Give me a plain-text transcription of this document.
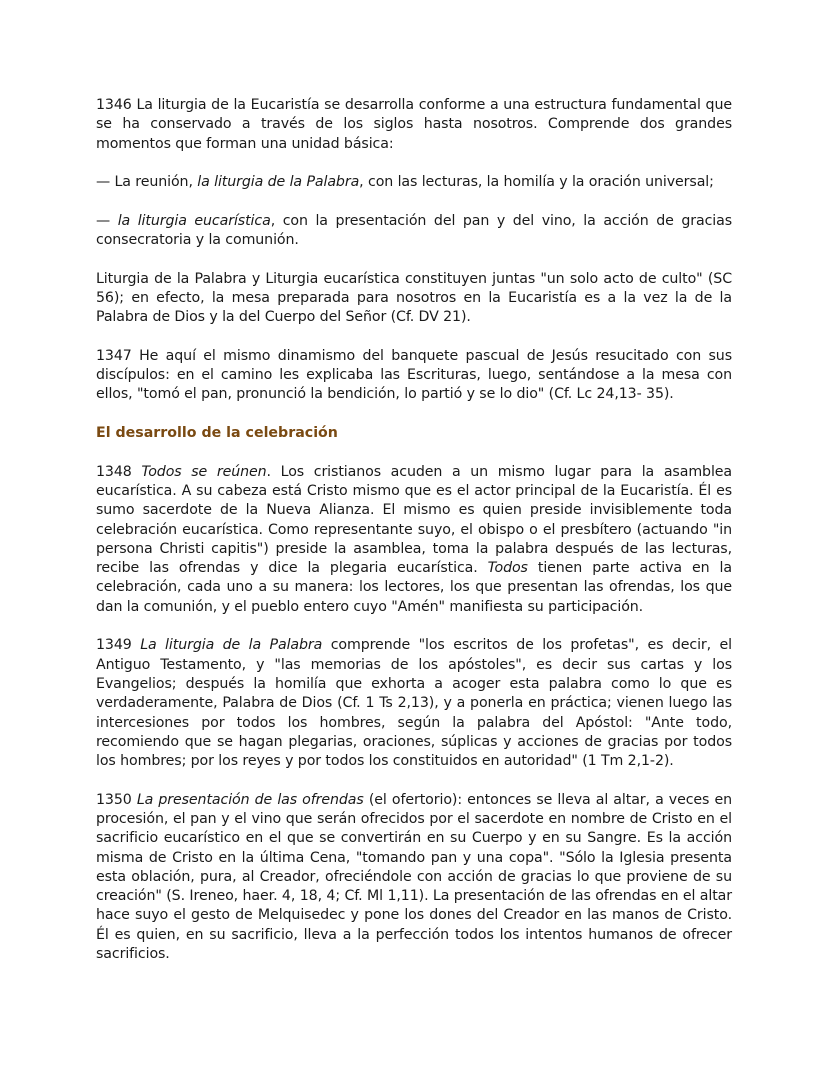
1346 La liturgia de la Eucaristía se desarrolla conforme a una estructura fundamental que se ha conservado a través de los siglos hasta nosotros. Comprende dos grandes momentos que forman una unidad básica:

— La reunión, la liturgia de la Palabra, con las lecturas, la homilía y la oración universal;

— la liturgia eucarística, con la presentación del pan y del vino, la acción de gracias consecratoria y la comunión.

Liturgia de la Palabra y Liturgia eucarística constituyen juntas "un solo acto de culto" (SC 56); en efecto, la mesa preparada para nosotros en la Eucaristía es a la vez la de la Palabra de Dios y la del Cuerpo del Señor (Cf. DV 21).

1347 He aquí el mismo dinamismo del banquete pascual de Jesús resucitado con sus discípulos: en el camino les explicaba las Escrituras, luego, sentándose a la mesa con ellos, "tomó el pan, pronunció la bendición, lo partió y se lo dio" (Cf. Lc 24,13- 35).

El desarrollo de la celebración

1348 Todos se reúnen. Los cristianos acuden a un mismo lugar para la asamblea eucarística. A su cabeza está Cristo mismo que es el actor principal de la Eucaristía. Él es sumo sacerdote de la Nueva Alianza. El mismo es quien preside invisiblemente toda celebración eucarística. Como representante suyo, el obispo o el presbítero (actuando "in persona Christi capitis") preside la asamblea, toma la palabra después de las lecturas, recibe las ofrendas y dice la plegaria eucarística. Todos tienen parte activa en la celebración, cada uno a su manera: los lectores, los que presentan las ofrendas, los que dan la comunión, y el pueblo entero cuyo "Amén" manifiesta su participación.

1349 La liturgia de la Palabra comprende "los escritos de los profetas", es decir, el Antiguo Testamento, y "las memorias de los apóstoles", es decir sus cartas y los Evangelios; después la homilía que exhorta a acoger esta palabra como lo que es verdaderamente, Palabra de Dios (Cf. 1 Ts 2,13), y a ponerla en práctica; vienen luego las intercesiones por todos los hombres, según la palabra del Apóstol: "Ante todo, recomiendo que se hagan plegarias, oraciones, súplicas y acciones de gracias por todos los hombres; por los reyes y por todos los constituidos en autoridad" (1 Tm 2,1-2).

1350 La presentación de las ofrendas (el ofertorio): entonces se lleva al altar, a veces en procesión, el pan y el vino que serán ofrecidos por el sacerdote en nombre de Cristo en el sacrificio eucarístico en el que se convertirán en su Cuerpo y en su Sangre. Es la acción misma de Cristo en la última Cena, "tomando pan y una copa". "Sólo la Iglesia presenta esta oblación, pura, al Creador, ofreciéndole con acción de gracias lo que proviene de su creación" (S. Ireneo, haer. 4, 18, 4; Cf. Ml 1,11). La presentación de las ofrendas en el altar hace suyo el gesto de Melquisedec y pone los dones del Creador en las manos de Cristo. Él es quien, en su sacrificio, lleva a la perfección todos los intentos humanos de ofrecer sacrificios.
